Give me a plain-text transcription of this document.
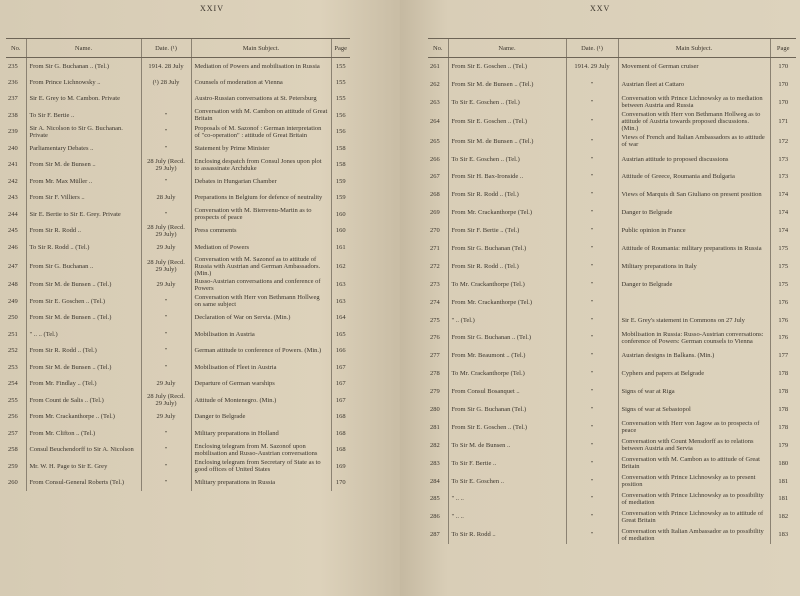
XXIV
No.	Name.	Date. (¹)	Main Subject.	Page
235	From Sir G. Buchanan .. (Tel.)	1914. 28 July	Mediation of Powers and mobilisation in Russia	155
236	From Prince Lichnowsky ..	(¹) 28 July	Counsels of moderation at Vienna	155
237	Sir E. Grey to M. Cambon. Private		Austro-Russian conversations at St. Petersburg	155
238	To Sir F. Bertie ..	"	Conversation with M. Cambon on attitude of Great Britain	156
239	Sir A. Nicolson to Sir G. Buchanan. Private	"	Proposals of M. Sazonof : German interpretation of "co-operation" : attitude of Great Britain	156
240	Parliamentary Debates ..	"	Statement by Prime Minister	158
241	From Sir M. de Bunsen ..	28 July (Recd. 29 July)	Enclosing despatch from Consul Jones upon plot to assassinate Archduke	158
242	From Mr. Max Müller ..	"	Debates in Hungarian Chamber	159
243	From Sir F. Villiers ..	28 July	Preparations in Belgium for defence of neutrality	159
244	Sir E. Bertie to Sir E. Grey. Private	"	Conversation with M. Bienvenu-Martin as to prospects of peace	160
245	From Sir R. Rodd ..	28 July (Recd. 29 July)	Press comments	160
246	To Sir R. Rodd .. (Tel.)	29 July	Mediation of Powers	161
247	From Sir G. Buchanan ..	28 July (Recd. 29 July)	Conversation with M. Sazonof as to attitude of Russia with Austrian and German Ambassadors. (Min.)	162
248	From Sir M. de Bunsen .. (Tel.)	29 July	Russo-Austrian conversations and conference of Powers	163
249	From Sir E. Goschen .. (Tel.)	"	Conversation with Herr von Bethmann Hollweg on same subject	163
250	From Sir M. de Bunsen .. (Tel.)	"	Declaration of War on Servia. (Min.)	164
251	" .. .. (Tel.)	"	Mobilisation in Austria	165
252	From Sir R. Rodd .. (Tel.)	"	German attitude to conference of Powers. (Min.)	166
253	From Sir M. de Bunsen .. (Tel.)	"	Mobilisation of Fleet in Austria	167
254	From Mr. Findlay .. (Tel.)	29 July	Departure of German warships	167
255	From Count de Salis .. (Tel.)	28 July (Recd. 29 July)	Attitude of Montenegro. (Min.)	167
256	From Mr. Crackanthorpe .. (Tel.)	29 July	Danger to Belgrade	168
257	From Mr. Clifton .. (Tel.)	"	Military preparations in Holland	168
258	Consul Beuchendorff to Sir A. Nicolson	"	Enclosing telegram from M. Sazonof upon mobilisation and Russo-Austrian conversations	168
259	Mr. W. H. Page to Sir E. Grey	"	Enclosing telegram from Secretary of State as to good offices of United States	169
260	From Consul-General Roberts (Tel.)	"	Military preparations in Russia	170
XXV
No.	Name.	Date. (¹)	Main Subject.	Page
261	From Sir E. Goschen .. (Tel.)	1914. 29 July	Movement of German cruiser	170
262	From Sir M. de Bunsen .. (Tel.)	"	Austrian fleet at Cattaro	170
263	To Sir E. Goschen .. (Tel.)	"	Conversation with Prince Lichnowsky as to mediation between Austria and Russia	170
264	From Sir E. Goschen .. (Tel.)	"	Conversation with Herr von Bethmann Hollweg as to attitude of Austria towards proposed discussions. (Min.)	171
265	From Sir M. de Bunsen .. (Tel.)	"	Views of French and Italian Ambassadors as to attitude of war	172
266	To Sir E. Goschen .. (Tel.)	"	Austrian attitude to proposed discussions	173
267	From Sir H. Bax-Ironside ..	"	Attitude of Greece, Roumania and Bulgaria	173
268	From Sir R. Rodd .. (Tel.)	"	Views of Marquis di San Giuliano on present position	174
269	From Mr. Crackanthorpe (Tel.)	"	Danger to Belgrade	174
270	From Sir F. Bertie .. (Tel.)	"	Public opinion in France	174
271	From Sir G. Buchanan (Tel.)	"	Attitude of Roumania: military preparations in Russia	175
272	From Sir R. Rodd .. (Tel.)	"	Military preparations in Italy	175
273	To Mr. Crackanthorpe (Tel.)	"	Danger to Belgrade	175
274	From Mr. Crackanthorpe (Tel.)	"		176
275	" .. (Tel.)	"	Sir E. Grey's statement in Commons on 27 July	176
276	From Sir G. Buchanan .. (Tel.)	"	Mobilisation in Russia: Russo-Austrian conversations: conference of Powers: German counsels to Vienna	176
277	From Mr. Beaumont .. (Tel.)	"	Austrian designs in Balkans. (Min.)	177
278	To Mr. Crackanthorpe (Tel.)	"	Cyphers and papers at Belgrade	178
279	From Consul Bosanquet ..	"	Signs of war at Riga	178
280	From Sir G. Buchanan (Tel.)	"	Signs of war at Sebastopol	178
281	From Sir E. Goschen .. (Tel.)	"	Conversation with Herr von Jagow as to prospects of peace	178
282	To Sir M. de Bunsen ..	"	Conversation with Count Mensdorff as to relations between Austria and Servia	179
283	To Sir F. Bertie ..	"	Conversation with M. Cambon as to attitude of Great Britain	180
284	To Sir E. Goschen ..	"	Conversation with Prince Lichnowsky as to present position	181
285	" .. ..	"	Conversation with Prince Lichnowsky as to possibility of mediation	181
286	" .. ..	"	Conversation with Prince Lichnowsky as to attitude of Great Britain	182
287	To Sir R. Rodd ..	"	Conversation with Italian Ambassador as to possibility of mediation	183
